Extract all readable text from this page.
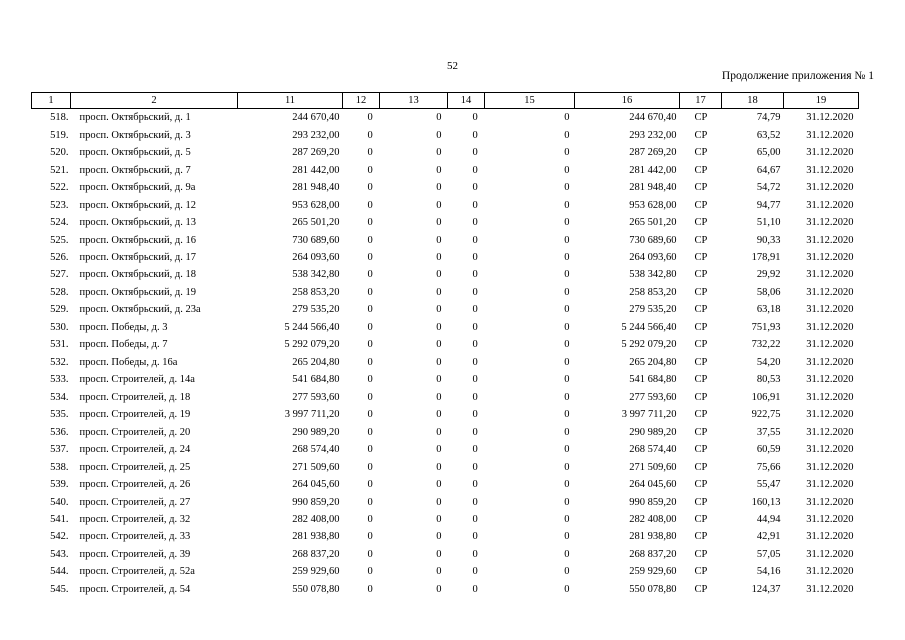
52
Продолжение приложения № 1
1	2	11	12	13	14	15	16	17	18	19
518.	просп. Октябрьский, д. 1	244 670,40	0	0	0	0	244 670,40	СР	74,79	31.12.2020
519.	просп. Октябрьский, д. 3	293 232,00	0	0	0	0	293 232,00	СР	63,52	31.12.2020
520.	просп. Октябрьский, д. 5	287 269,20	0	0	0	0	287 269,20	СР	65,00	31.12.2020
521.	просп. Октябрьский, д. 7	281 442,00	0	0	0	0	281 442,00	СР	64,67	31.12.2020
522.	просп. Октябрьский, д. 9а	281 948,40	0	0	0	0	281 948,40	СР	54,72	31.12.2020
523.	просп. Октябрьский, д. 12	953 628,00	0	0	0	0	953 628,00	СР	94,77	31.12.2020
524.	просп. Октябрьский, д. 13	265 501,20	0	0	0	0	265 501,20	СР	51,10	31.12.2020
525.	просп. Октябрьский, д. 16	730 689,60	0	0	0	0	730 689,60	СР	90,33	31.12.2020
526.	просп. Октябрьский, д. 17	264 093,60	0	0	0	0	264 093,60	СР	178,91	31.12.2020
527.	просп. Октябрьский, д. 18	538 342,80	0	0	0	0	538 342,80	СР	29,92	31.12.2020
528.	просп. Октябрьский, д. 19	258 853,20	0	0	0	0	258 853,20	СР	58,06	31.12.2020
529.	просп. Октябрьский, д. 23а	279 535,20	0	0	0	0	279 535,20	СР	63,18	31.12.2020
530.	просп. Победы, д. 3	5 244 566,40	0	0	0	0	5 244 566,40	СР	751,93	31.12.2020
531.	просп. Победы, д. 7	5 292 079,20	0	0	0	0	5 292 079,20	СР	732,22	31.12.2020
532.	просп. Победы, д. 16а	265 204,80	0	0	0	0	265 204,80	СР	54,20	31.12.2020
533.	просп. Строителей, д. 14а	541 684,80	0	0	0	0	541 684,80	СР	80,53	31.12.2020
534.	просп. Строителей, д. 18	277 593,60	0	0	0	0	277 593,60	СР	106,91	31.12.2020
535.	просп. Строителей, д. 19	3 997 711,20	0	0	0	0	3 997 711,20	СР	922,75	31.12.2020
536.	просп. Строителей, д. 20	290 989,20	0	0	0	0	290 989,20	СР	37,55	31.12.2020
537.	просп. Строителей, д. 24	268 574,40	0	0	0	0	268 574,40	СР	60,59	31.12.2020
538.	просп. Строителей, д. 25	271 509,60	0	0	0	0	271 509,60	СР	75,66	31.12.2020
539.	просп. Строителей, д. 26	264 045,60	0	0	0	0	264 045,60	СР	55,47	31.12.2020
540.	просп. Строителей, д. 27	990 859,20	0	0	0	0	990 859,20	СР	160,13	31.12.2020
541.	просп. Строителей, д. 32	282 408,00	0	0	0	0	282 408,00	СР	44,94	31.12.2020
542.	просп. Строителей, д. 33	281 938,80	0	0	0	0	281 938,80	СР	42,91	31.12.2020
543.	просп. Строителей, д. 39	268 837,20	0	0	0	0	268 837,20	СР	57,05	31.12.2020
544.	просп. Строителей, д. 52а	259 929,60	0	0	0	0	259 929,60	СР	54,16	31.12.2020
545.	просп. Строителей, д. 54	550 078,80	0	0	0	0	550 078,80	СР	124,37	31.12.2020
